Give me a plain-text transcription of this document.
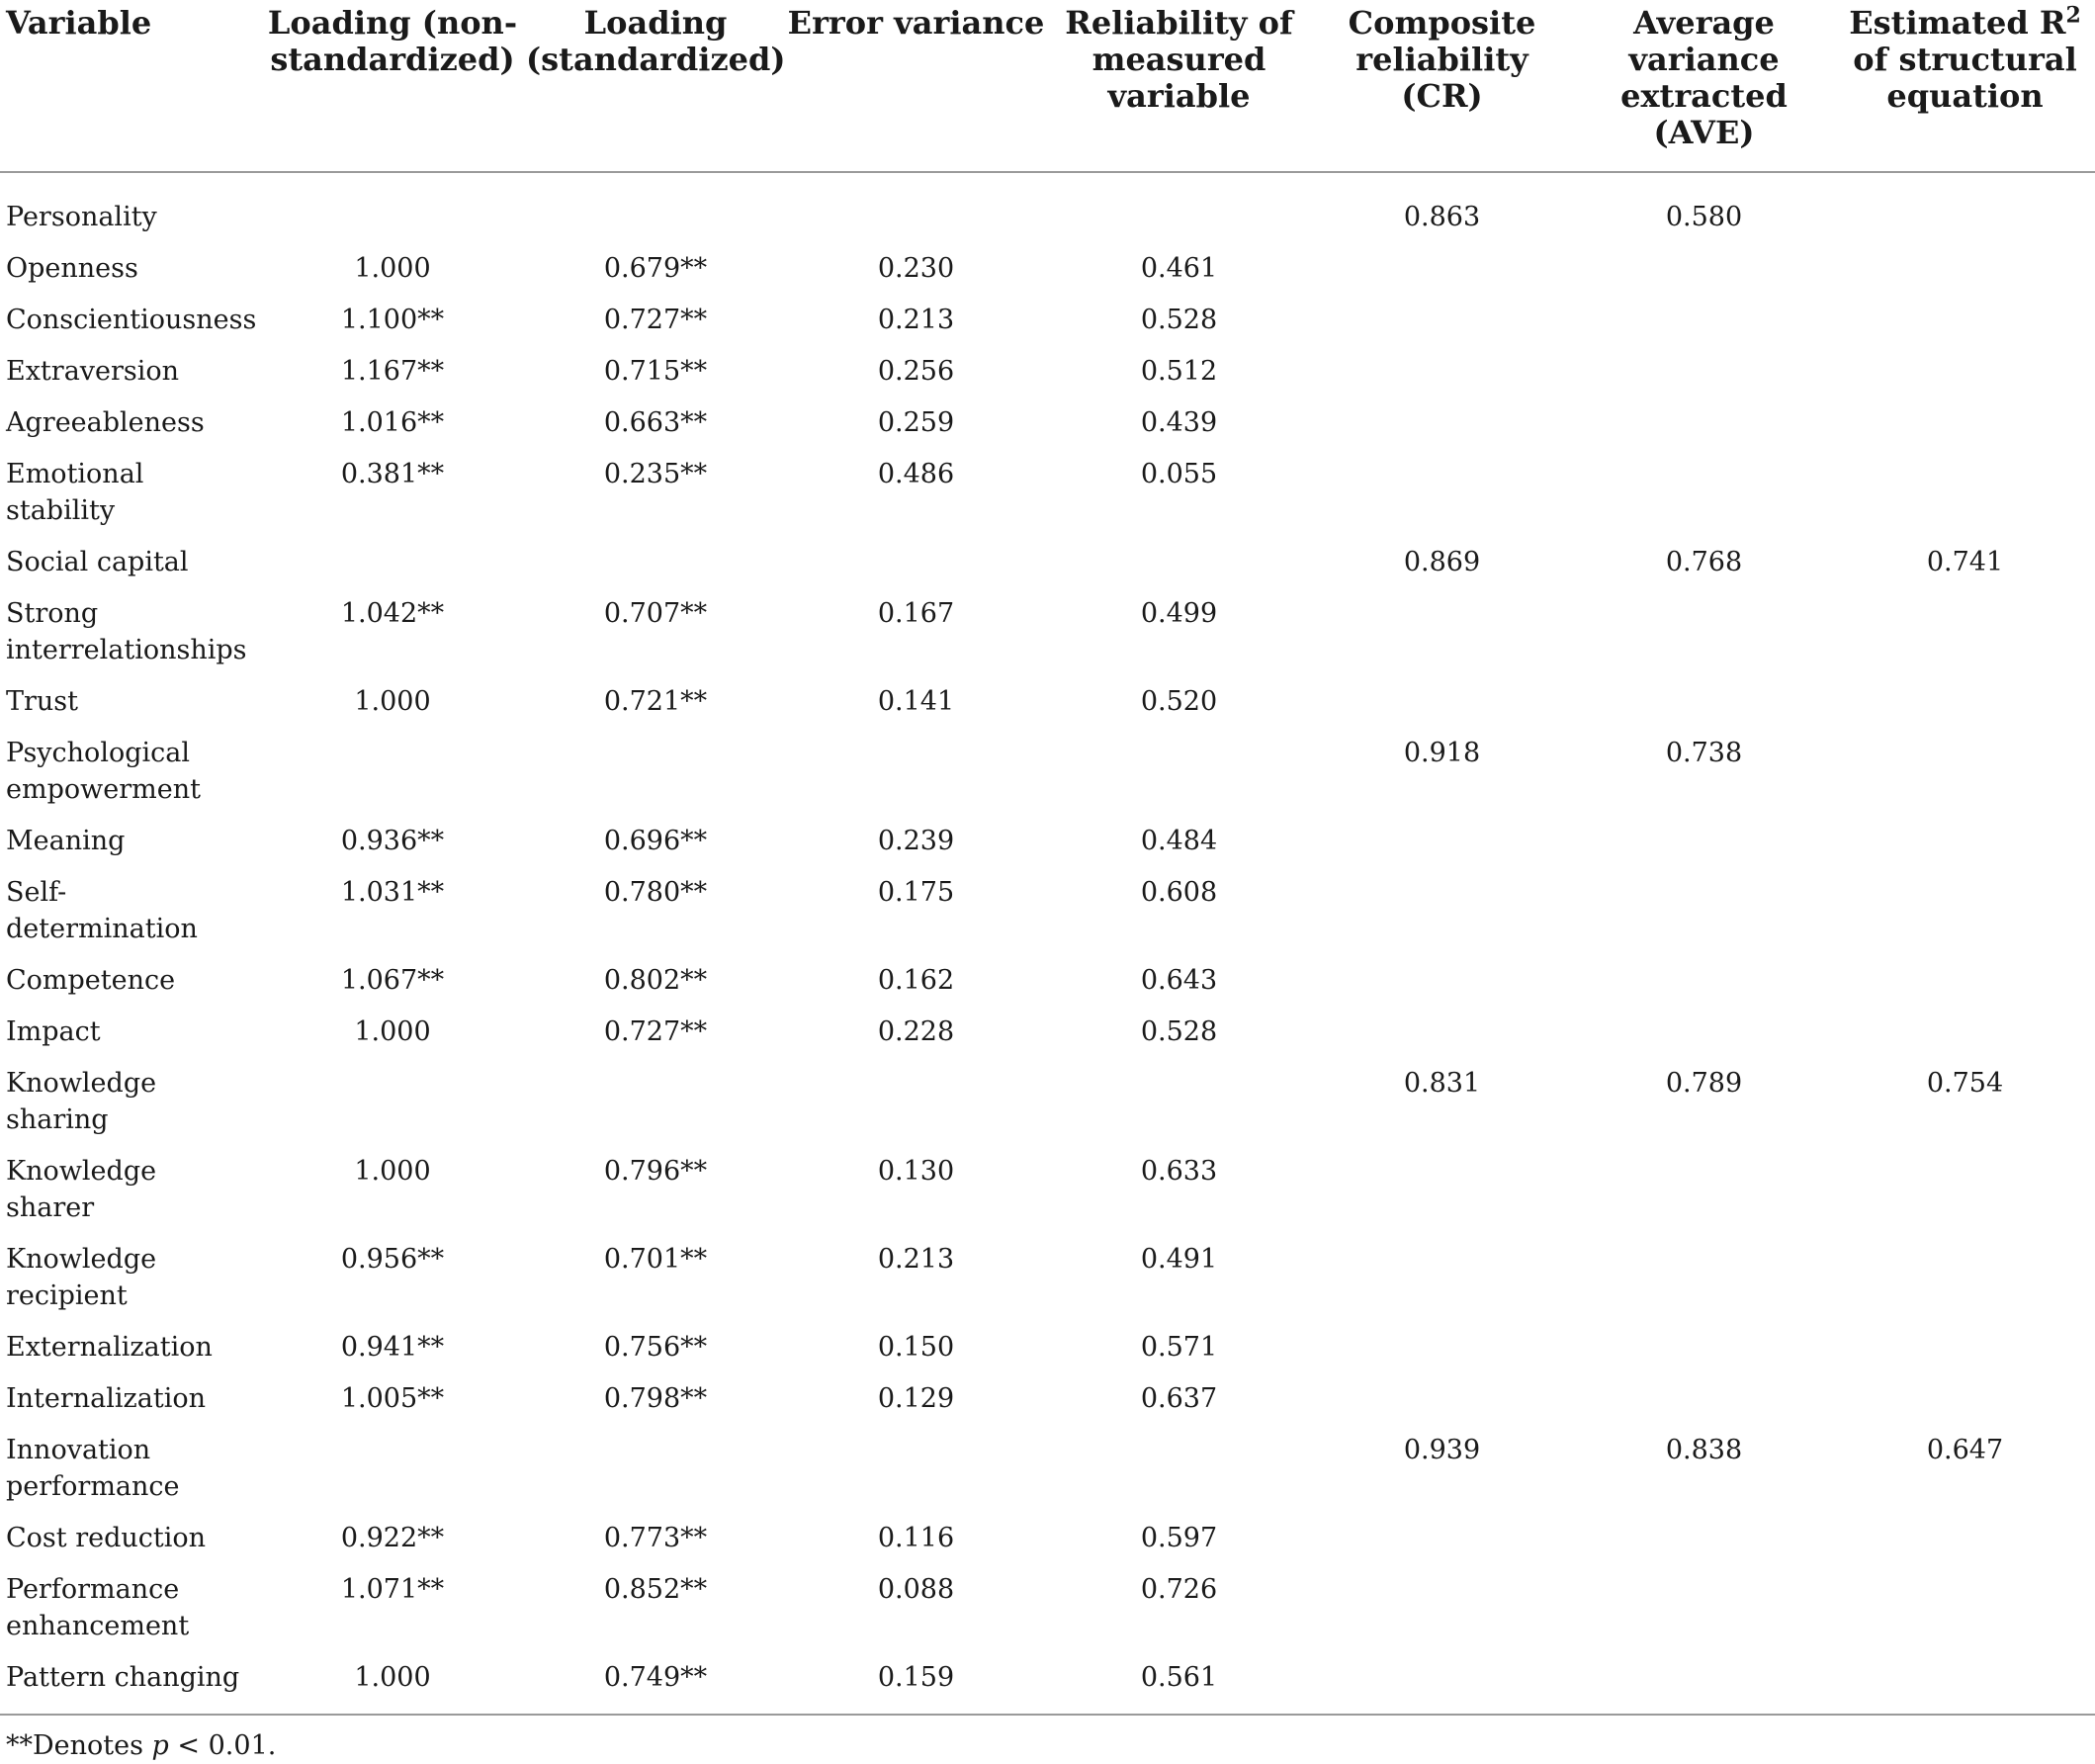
Variable	Loading (non-standardized)	Loading (standardized)	Error variance	Reliability of measured variable	Composite reliability (CR)	Average variance extracted (AVE)	Estimated $R^2$ of structural equation
Personality					0.863	0.580	
Openness	1.000	0.679**	0.230	0.461			
Conscientiousness	1.100**	0.727**	0.213	0.528			
Extraversion	1.167**	0.715**	0.256	0.512			
Agreeableness	1.016**	0.663**	0.259	0.439			
Emotional stability	0.381**	0.235**	0.486	0.055			
Social capital					0.869	0.768	0.741
Strong interrelationships	1.042**	0.707**	0.167	0.499			
Trust	1.000	0.721**	0.141	0.520			
Psychological empowerment					0.918	0.738	
Meaning	0.936**	0.696**	0.239	0.484			
Self-determination	1.031**	0.780**	0.175	0.608			
Competence	1.067**	0.802**	0.162	0.643			
Impact	1.000	0.727**	0.228	0.528			
Knowledge sharing					0.831	0.789	0.754
Knowledge sharer	1.000	0.796**	0.130	0.633			
Knowledge recipient	0.956**	0.701**	0.213	0.491			
Externalization	0.941**	0.756**	0.150	0.571			
Internalization	1.005**	0.798**	0.129	0.637			
Innovation performance					0.939	0.838	0.647
Cost reduction	0.922**	0.773**	0.116	0.597			
Performance enhancement	1.071**	0.852**	0.088	0.726			
Pattern changing	1.000	0.749**	0.159	0.561			
**Denotes p < 0.01.
